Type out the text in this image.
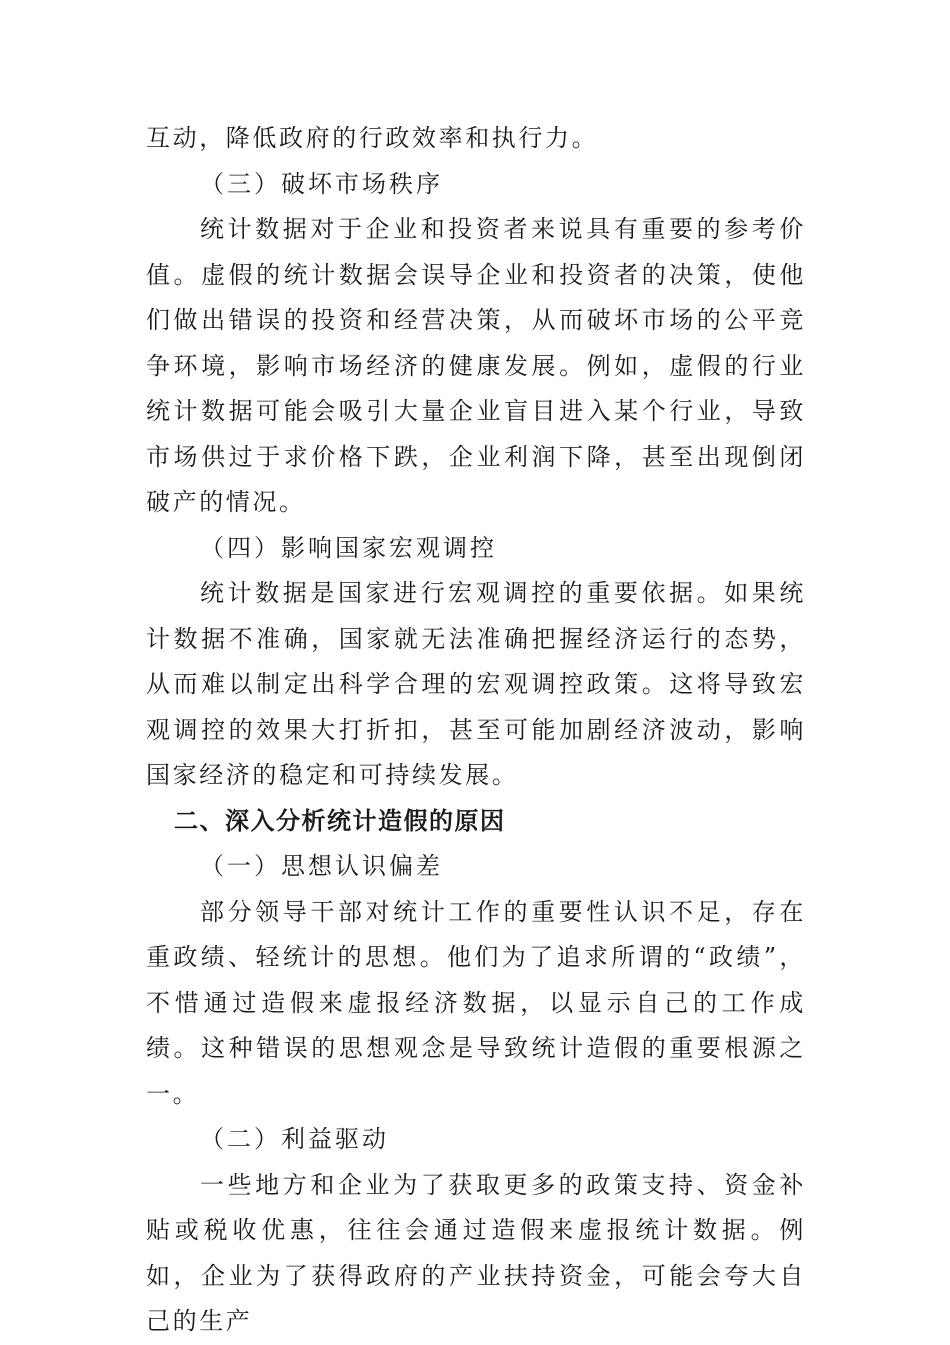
互动，降低政府的行政效率和执行力。

（三）破坏市场秩序

统计数据对于企业和投资者来说具有重要的参考价值。虚假的统计数据会误导企业和投资者的决策，使他们做出错误的投资和经营决策，从而破坏市场的公平竞争环境，影响市场经济的健康发展。例如，虚假的行业统计数据可能会吸引大量企业盲目进入某个行业，导致市场供过于求价格下跌，企业利润下降，甚至出现倒闭破产的情况。

（四）影响国家宏观调控

统计数据是国家进行宏观调控的重要依据。如果统计数据不准确，国家就无法准确把握经济运行的态势，从而难以制定出科学合理的宏观调控政策。这将导致宏观调控的效果大打折扣，甚至可能加剧经济波动，影响国家经济的稳定和可持续发展。

二、深入分析统计造假的原因

（一）思想认识偏差

部分领导干部对统计工作的重要性认识不足，存在重政绩、轻统计的思想。他们为了追求所谓的“政绩”，不惜通过造假来虚报经济数据，以显示自己的工作成绩。这种错误的思想观念是导致统计造假的重要根源之一。

（二）利益驱动

一些地方和企业为了获取更多的政策支持、资金补贴或税收优惠，往往会通过造假来虚报统计数据。例如，企业为了获得政府的产业扶持资金，可能会夸大自己的生产
